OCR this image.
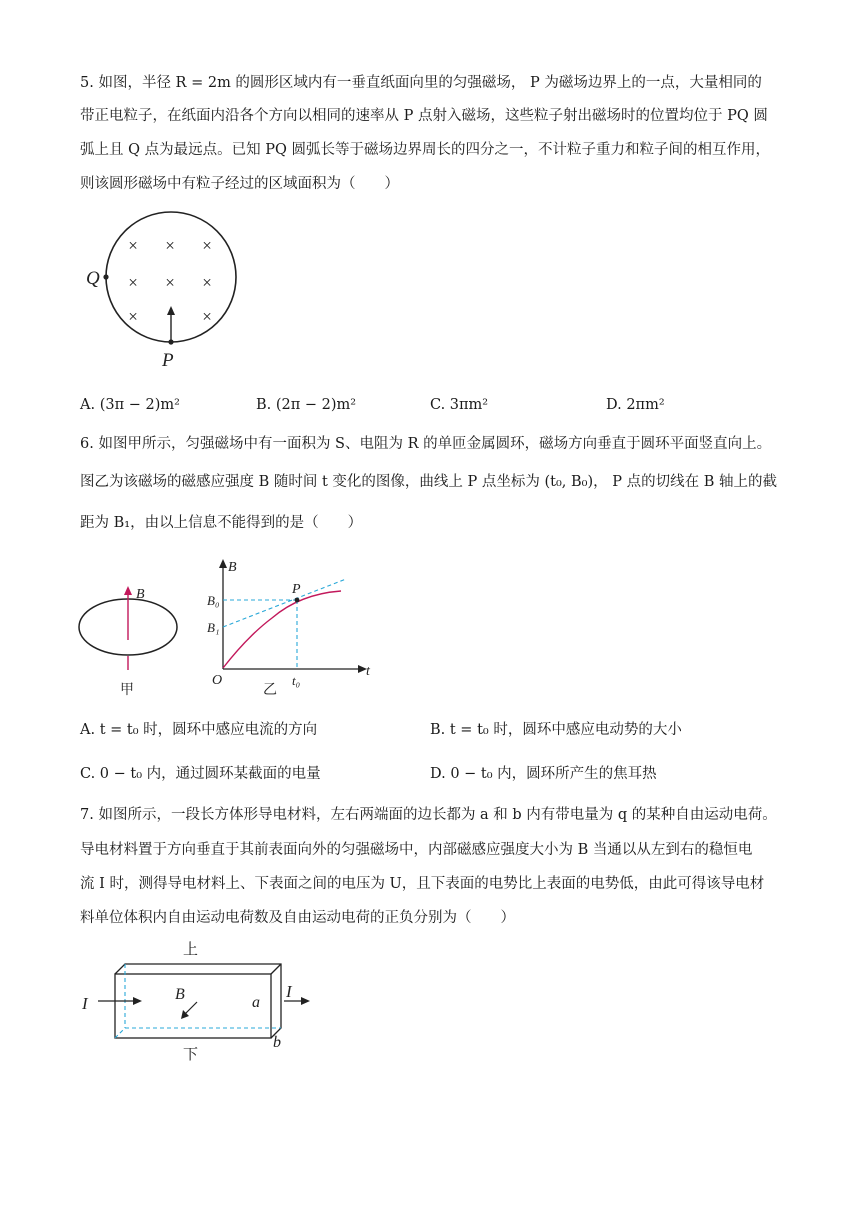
5. 如图，半径 R = 2m 的圆形区域内有一垂直纸面向里的匀强磁场， P 为磁场边界上的一点，大量相同的
带正电粒子，在纸面内沿各个方向以相同的速率从 P 点射入磁场，这些粒子射出磁场时的位置均位于 PQ 圆
弧上且 Q 点为最远点。已知 PQ 圆弧长等于磁场边界周长的四分之一，不计粒子重力和粒子间的相互作用，
则该圆形磁场中有粒子经过的区域面积为（　　）
× × ×
× × ×
×	×
Q
P
A. (3π − 2)m²	B. (2π − 2)m²	C. 3πm²	D. 2πm²
6. 如图甲所示，匀强磁场中有一面积为 S、电阻为 R 的单匝金属圆环，磁场方向垂直于圆环平面竖直向上。
图乙为该磁场的磁感应强度 B 随时间 t 变化的图像，曲线上 P 点坐标为 (t₀, B₀)， P 点的切线在 B 轴上的截
距为 B₁，由以上信息不能得到的是（　　）
B
甲
B
t
O
P
B₀
B₁
t₀
乙
A. t = t₀ 时，圆环中感应电流的方向	B. t = t₀ 时，圆环中感应电动势的大小
C. 0 − t₀ 内，通过圆环某截面的电量	D. 0 − t₀ 内，圆环所产生的焦耳热
7. 如图所示，一段长方体形导电材料，左右两端面的边长都为 a 和 b 内有带电量为 q 的某种自由运动电荷。
导电材料置于方向垂直于其前表面向外的匀强磁场中，内部磁感应强度大小为 B 当通以从左到右的稳恒电
流 I 时，测得导电材料上、下表面之间的电压为 U，且下表面的电势比上表面的电势低，由此可得该导电材
料单位体积内自由运动电荷数及自由运动电荷的正负分别为（　　）
上
下
I
I
B	a
b
